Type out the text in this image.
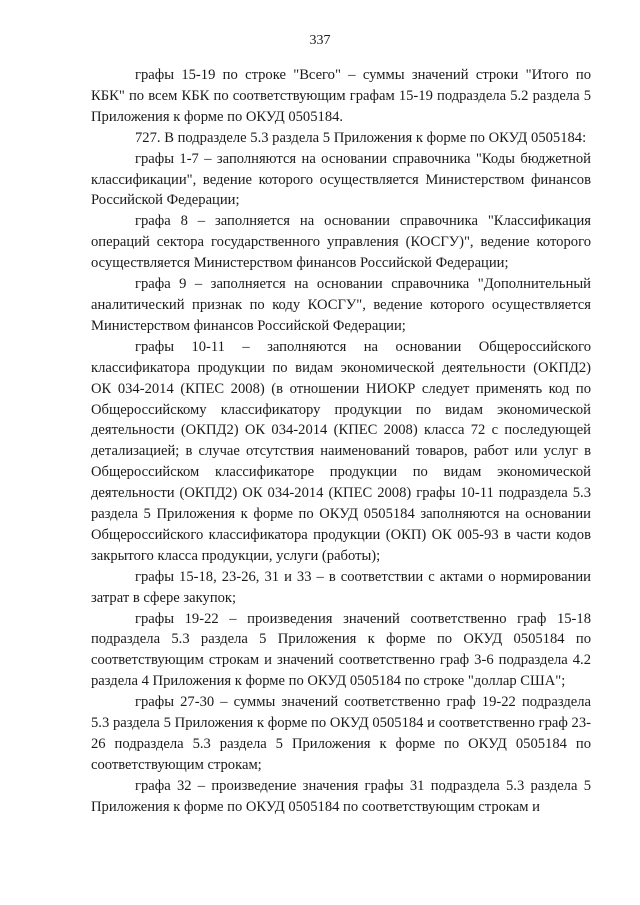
337

графы 15-19 по строке "Всего" – суммы значений строки "Итого по КБК" по всем КБК по соответствующим графам 15-19 подраздела 5.2 раздела 5 Приложения к форме по ОКУД 0505184.

727. В подразделе 5.3 раздела 5 Приложения к форме по ОКУД 0505184:

графы 1-7 – заполняются на основании справочника "Коды бюджетной классификации", ведение которого осуществляется Министерством финансов Российской Федерации;

графа 8 – заполняется на основании справочника "Классификация операций сектора государственного управления (КОСГУ)", ведение которого осуществляется Министерством финансов Российской Федерации;

графа 9 – заполняется на основании справочника "Дополнительный аналитический признак по коду КОСГУ", ведение которого осуществляется Министерством финансов Российской Федерации;

графы 10-11 – заполняются на основании Общероссийского классификатора продукции по видам экономической деятельности (ОКПД2) ОК 034-2014 (КПЕС 2008) (в отношении НИОКР следует применять код по Общероссийскому классификатору продукции по видам экономической деятельности (ОКПД2) ОК 034-2014 (КПЕС 2008) класса 72 с последующей детализацией; в случае отсутствия наименований товаров, работ или услуг в Общероссийском классификаторе продукции по видам экономической деятельности (ОКПД2) ОК 034-2014 (КПЕС 2008) графы 10-11 подраздела 5.3 раздела 5 Приложения к форме по ОКУД 0505184 заполняются на основании Общероссийского классификатора продукции (ОКП) ОК 005-93 в части кодов закрытого класса продукции, услуги (работы);

графы 15-18, 23-26, 31 и 33 – в соответствии с актами о нормировании затрат в сфере закупок;

графы 19-22 – произведения значений соответственно граф 15-18 подраздела 5.3 раздела 5 Приложения к форме по ОКУД 0505184 по соответствующим строкам и значений соответственно граф 3-6 подраздела 4.2 раздела 4 Приложения к форме по ОКУД 0505184 по строке "доллар США";

графы 27-30 – суммы значений соответственно граф 19-22 подраздела 5.3 раздела 5 Приложения к форме по ОКУД 0505184 и соответственно граф 23-26 подраздела 5.3 раздела 5 Приложения к форме по ОКУД 0505184 по соответствующим строкам;

графа 32 – произведение значения графы 31 подраздела 5.3 раздела 5 Приложения к форме по ОКУД 0505184 по соответствующим строкам и
